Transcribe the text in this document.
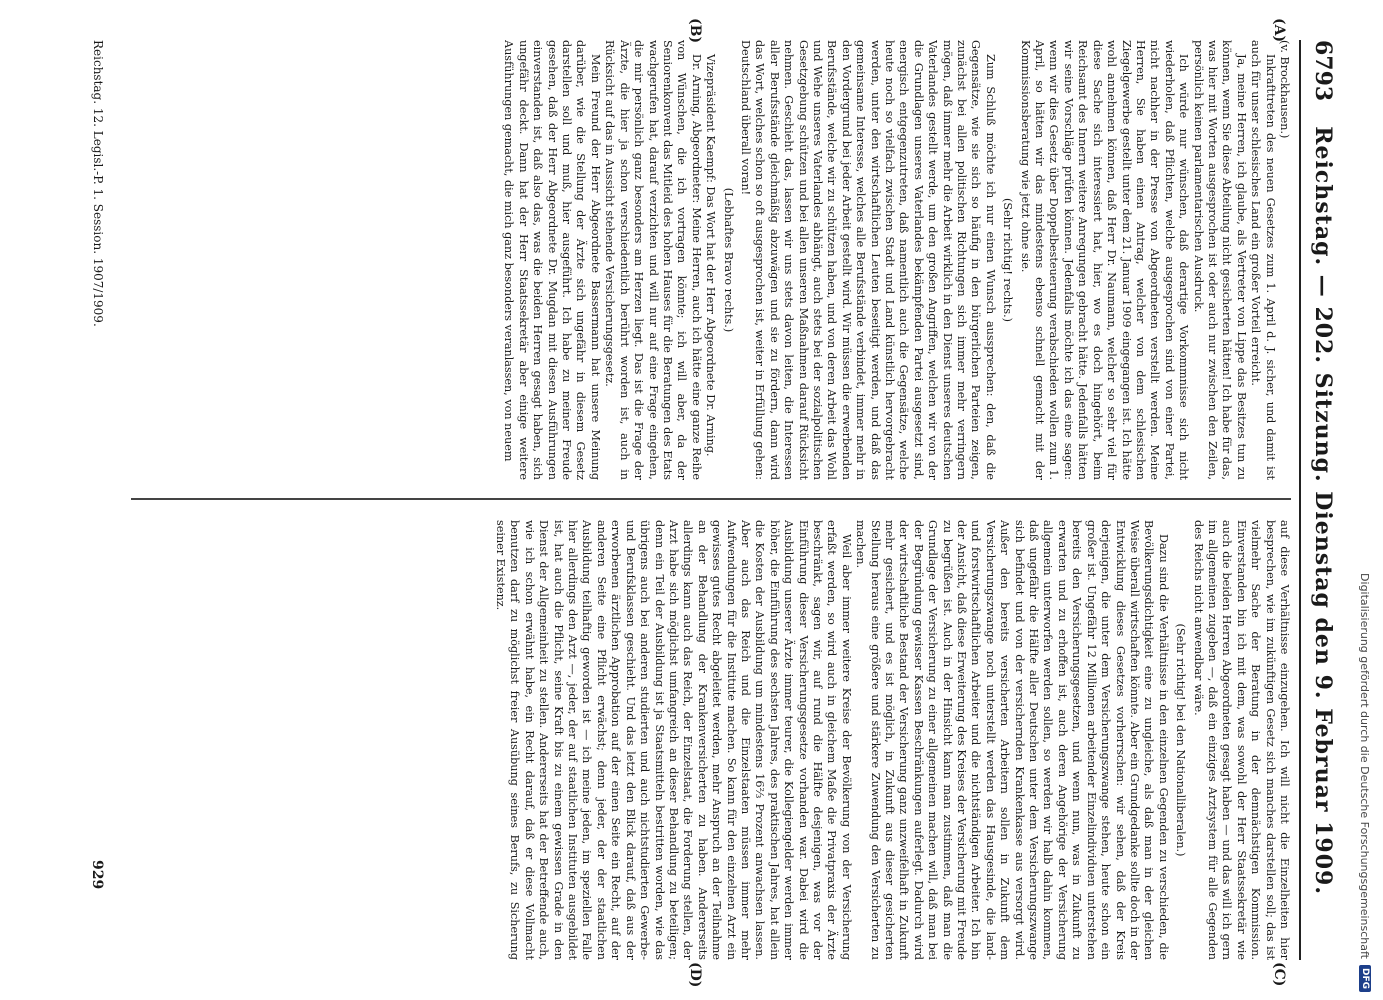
6793
Reichstag. — 202. Sitzung. Dienstag den 9. Februar 1909.
(A)
(B)
(C)
(D)

(v. Brockhausen.)

Inkrafttreten des neuen Gesetzes zum 1. April d. J. sicher, und damit ist auch für unser schlesisches Land ein großer Vorteil erreicht.

Ja, meine Herren, ich glaube, als Vertreter von Lippe das Besitzes tun zu können, wenn Sie diese Abteilung nicht gesicherten hätten! Ich habe für das, was hier mit Worten ausgesprochen ist oder auch nur zwischen den Zeilen, persönlich keinen parlamentarischen Ausdruck.

Ich würde nur wünschen, daß derartige Vorkommnisse sich nicht wiederholen, daß Pflichten, welche ausgesprochen sind von einer Partei, nicht nachher in der Presse von Abgeordneten verstellt werden. Meine Herren, Sie haben einen Antrag, welcher von dem schlesischen Ziegelgewerbe gestellt unter dem 21. Januar 1909 eingegangen ist. Ich hätte wohl annehmen können, daß Herr Dr. Naumann, welcher so sehr viel für diese Sache sich interessiert hat, hier, wo es doch hingehört, beim Reichsamt des Innern weitere Anregungen gebracht hätte. Jedenfalls hätten wir seine Vorschläge prüfen können. Jedenfalls möchte ich das eine sagen: wenn wir dies Gesetz über Doppelbesteuerung verabschieden wollen zum 1. April, so hätten wir das mindestens ebenso schnell gemacht mit der Kommissionsberatung wie jetzt ohne sie.

(Sehr richtig! rechts.)

Zum Schluß möchte ich nur einen Wunsch aussprechen: den, daß die Gegensätze, wie sie sich so häufig in den bürgerlichen Parteien zeigen, zunächst bei allen politischen Richtungen sich immer mehr verringern mögen, daß immer mehr die Arbeit wirklich in den Dienst unseres deutschen Vaterlandes gestellt werde, um den großen Angriffen, welchen wir von der die Grundlagen unseres Vaterlandes bekämpfenden Partei ausgesetzt sind, energisch entgegenzutreten, daß namentlich auch die Gegensätze, welche heute noch so vielfach zwischen Stadt und Land künstlich hervorgebracht werden, unter den wirtschaftlichen Leuten beseitigt werden, und daß das gemeinsame Interesse, welches alle Berufsstände verbindet, immer mehr in den Vordergrund bei jeder Arbeit gestellt wird. Wir müssen die erwerbenden Berufsstände, welche wir zu schützen haben, und von deren Arbeit das Wohl und Wehe unseres Vaterlandes abhängt, auch stets bei der sozialpolitischen Gesetzgebung schützen und bei allen unseren Maßnahmen darauf Rücksicht nehmen. Geschieht das, lassen wir uns stets davon leiten, die Interessen aller Berufsstände gleichmäßig abzuwägen und sie zu fördern, dann wird das Wort, welches schon so oft ausgesprochen ist, weiter in Erfüllung gehen: Deutschland überall voran!

(Lebhaftes Bravo rechts.)

Vizepräsident Kaempf: Das Wort hat der Herr Abgeordnete Dr. Arning.

Dr. Arning, Abgeordneter: Meine Herren, auch ich hätte eine ganze Reihe von Wünschen, die ich vortragen könnte; ich will aber, da der Seniorenkonvent das Mitleid des hohen Hauses für die Beratungen des Etats wachgerufen hat, darauf verzichten und will nur auf eine Frage eingehen, die mir persönlich ganz besonders am Herzen liegt. Das ist die Frage der Ärzte, die hier ja schon verschiedentlich berührt worden ist, auch in Rücksicht auf das in Aussicht stehende Versicherungsgesetz.

Mein Freund der Herr Abgeordnete Bassermann hat unsere Meinung darüber, wie die Stellung der Ärzte sich ungefähr in diesem Gesetz darstellen soll und muß, hier ausgeführt. Ich habe zu meiner Freude gesehen, daß der Herr Abgeordnete Dr. Mugdan mit diesen Ausführungen einverstanden ist, daß also das, was die beiden Herren gesagt haben, sich ungefähr deckt. Dann hat der Herr Staatssekretär aber einige weitere Ausführungen gemacht, die mich ganz besonders veranlassen, von neuem

auf diese Verhältnisse einzugehen. Ich will nicht die Einzelheiten hier besprechen, wie im zukünftigen Gesetz sich manches darstellen soll; das ist vielmehr Sache der Beratung in der demnächstigen Kommission. Einverstanden bin ich mit dem, was sowohl der Herr Staatssekretär wie auch die beiden Herren Abgeordneten gesagt haben — und das will ich gern im allgemeinen zugeben —, daß ein einziges Arztsystem für alle Gegenden des Reichs nicht anwendbar wäre.

(Sehr richtig! bei den Nationalliberalen.)

Dazu sind die Verhältnisse in den einzelnen Gegenden zu verschieden, die Bevölkerungsdichtigkeit eine zu ungleiche, als daß man in der gleichen Weise überall wirtschaften könnte. Aber ein Grundgedanke sollte doch in der Entwicklung dieses Gesetzes vorherrschen: wir sehen, daß der Kreis derjenigen, die unter dem Versicherungszwange stehen, heute schon ein großer ist. Ungefähr 12 Millionen arbeitender Einzelindividuen unterstehen bereits den Versicherungsgesetzen, und wenn nun, was in Zukunft zu erwarten und zu erhoffen ist, auch deren Angehörige der Versicherung allgemein unterworfen werden sollen, so werden wir halb dahin kommen, daß ungefähr die Hälfte aller Deutschen unter dem Versicherungszwange sich befindet und von der versichernden Krankenkasse aus versorgt wird. Außer den bereits versicherten Arbeitern sollen in Zukunft dem Versicherungszwange noch unterstellt werden das Hausgesinde, die land- und forstwirtschaftlichen Arbeiter und die nichtständigen Arbeiter. Ich bin der Ansicht, daß diese Erweiterung des Kreises der Versicherung mit Freude zu begrüßen ist. Auch in der Hinsicht kann man zustimmen, daß man die Grundlage der Versicherung zu einer allgemeinen machen will, daß man bei der Begründung gewisser Kassen Beschränkungen auferlegt. Dadurch wird der wirtschaftliche Bestand der Versicherung ganz unzweifelhaft in Zukunft mehr gesichert, und es ist möglich, in Zukunft aus dieser gesicherten Stellung heraus eine größere und stärkere Zuwendung den Versicherten zu machen.

Weil aber immer weitere Kreise der Bevölkerung von der Versicherung erfaßt werden, so wird auch in gleichem Maße die Privatpraxis der Ärzte beschränkt, sagen wir, auf rund die Hälfte desjenigen, was vor der Einführung dieser Versicherungsgesetze vorhanden war. Dabei wird die Ausbildung unserer Ärzte immer teurer, die Kollegiengelder werden immer höher, die Einführung des sechsten Jahres, des praktischen Jahres, hat allein die Kosten der Ausbildung um mindestens 16⅔ Prozent anwachsen lassen. Aber auch das Reich und die Einzelstaaten müssen immer mehr Aufwendungen für die Institute machen. So kann für den einzelnen Arzt ein gewisses gutes Recht abgeleitet werden, mehr Anspruch an der Teilnahme an der Behandlung der Krankenversicherten zu haben. Andererseits allerdings kann auch das Reich, der Einzelstaat, die Forderung stellen, der Arzt habe sich möglichst umfangreich an dieser Behandlung zu beteiligen; denn ein Teil der Ausbildung ist ja Staatsmitteln bestritten worden, wie das übrigens auch bei anderen studierten und auch nichtstudierten Gewerbe- und Berufsklassen geschieht. Und das letzt den Blick darauf, daß aus der erworbenen ärztlichen Approbation auf der einen Seite ein Recht, auf der anderen Seite eine Pflicht erwächst; denn jeder, der der staatlichen Ausbildung teilhaftig geworden ist — ich meine jeden, im speziellen Falle hier allerdings den Arzt —, jeder, der auf staatlichen Instituten ausgebildet ist, hat auch die Pflicht, seine Kraft bis zu einem gewissen Grade in den Dienst der Allgemeinheit zu stellen. Andererseits hat der Betreffende auch, wie ich schon erwähnt habe, ein Recht darauf, daß er diese Vollmacht benutzen darf zu möglichst freier Ausübung seines Berufs, zu Sicherung seiner Existenz.

Reichstag. 12. Legisl.-P. 1. Session. 1907/1909.
929	Digitalisierung gefördert durch die Deutsche Forschungsgemeinschaft
DFG
